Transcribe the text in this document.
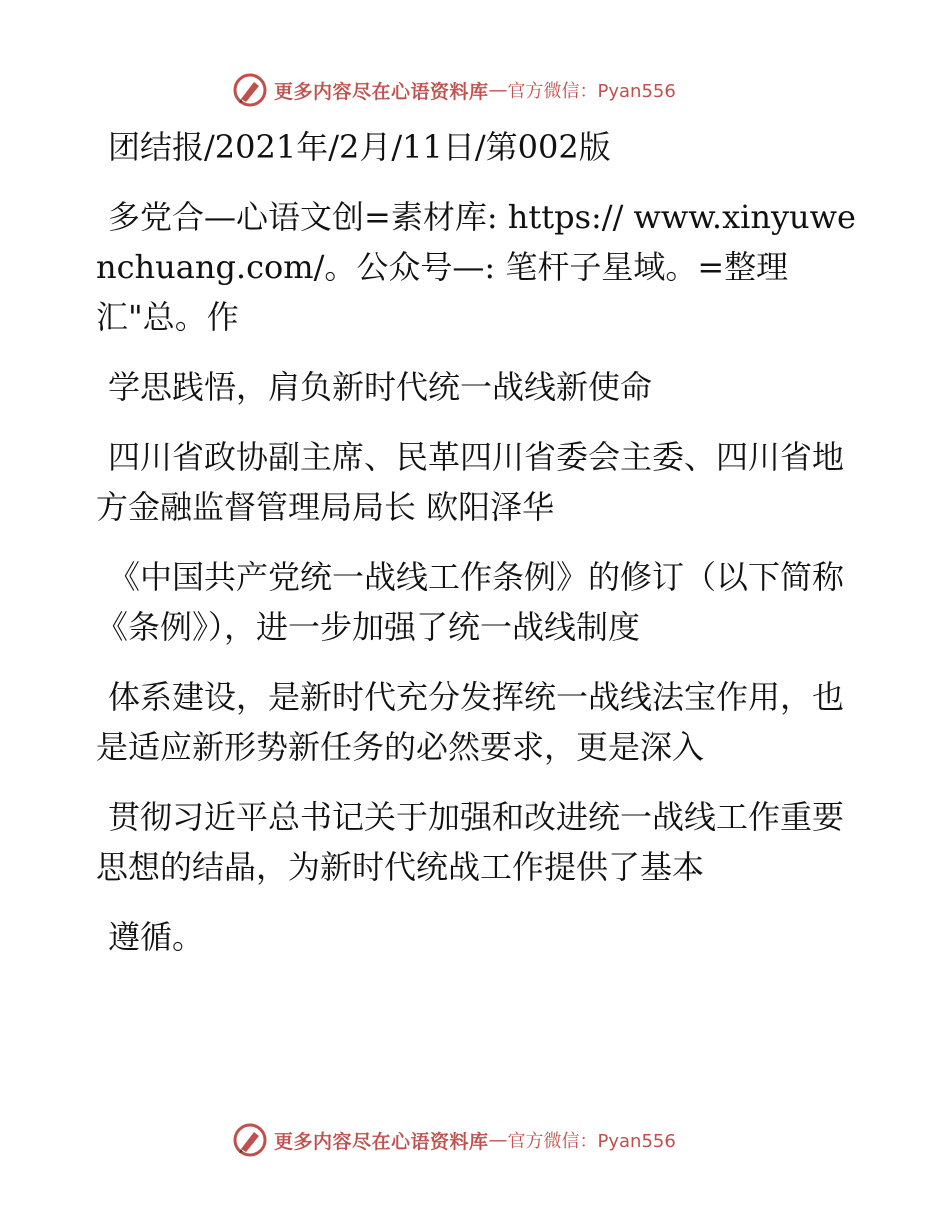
更多内容尽在心语资料库 — 官方微信：Pyan556

团结报/2021年/2月/11日/第002版

多党合—心语文创=素材库: https:// www.xinyuwenchuang.com/。公众号—: 笔杆子星域。=整理汇"总。作

学思践悟，肩负新时代统一战线新使命

四川省政协副主席、民革四川省委会主委、四川省地方金融监督管理局局长 欧阳泽华

《中国共产党统一战线工作条例》的修订（以下简称《条例》），进一步加强了统一战线制度

体系建设，是新时代充分发挥统一战线法宝作用，也是适应新形势新任务的必然要求，更是深入

贯彻习近平总书记关于加强和改进统一战线工作重要思想的结晶，为新时代统战工作提供了基本

遵循。

更多内容尽在心语资料库 — 官方微信：Pyan556
